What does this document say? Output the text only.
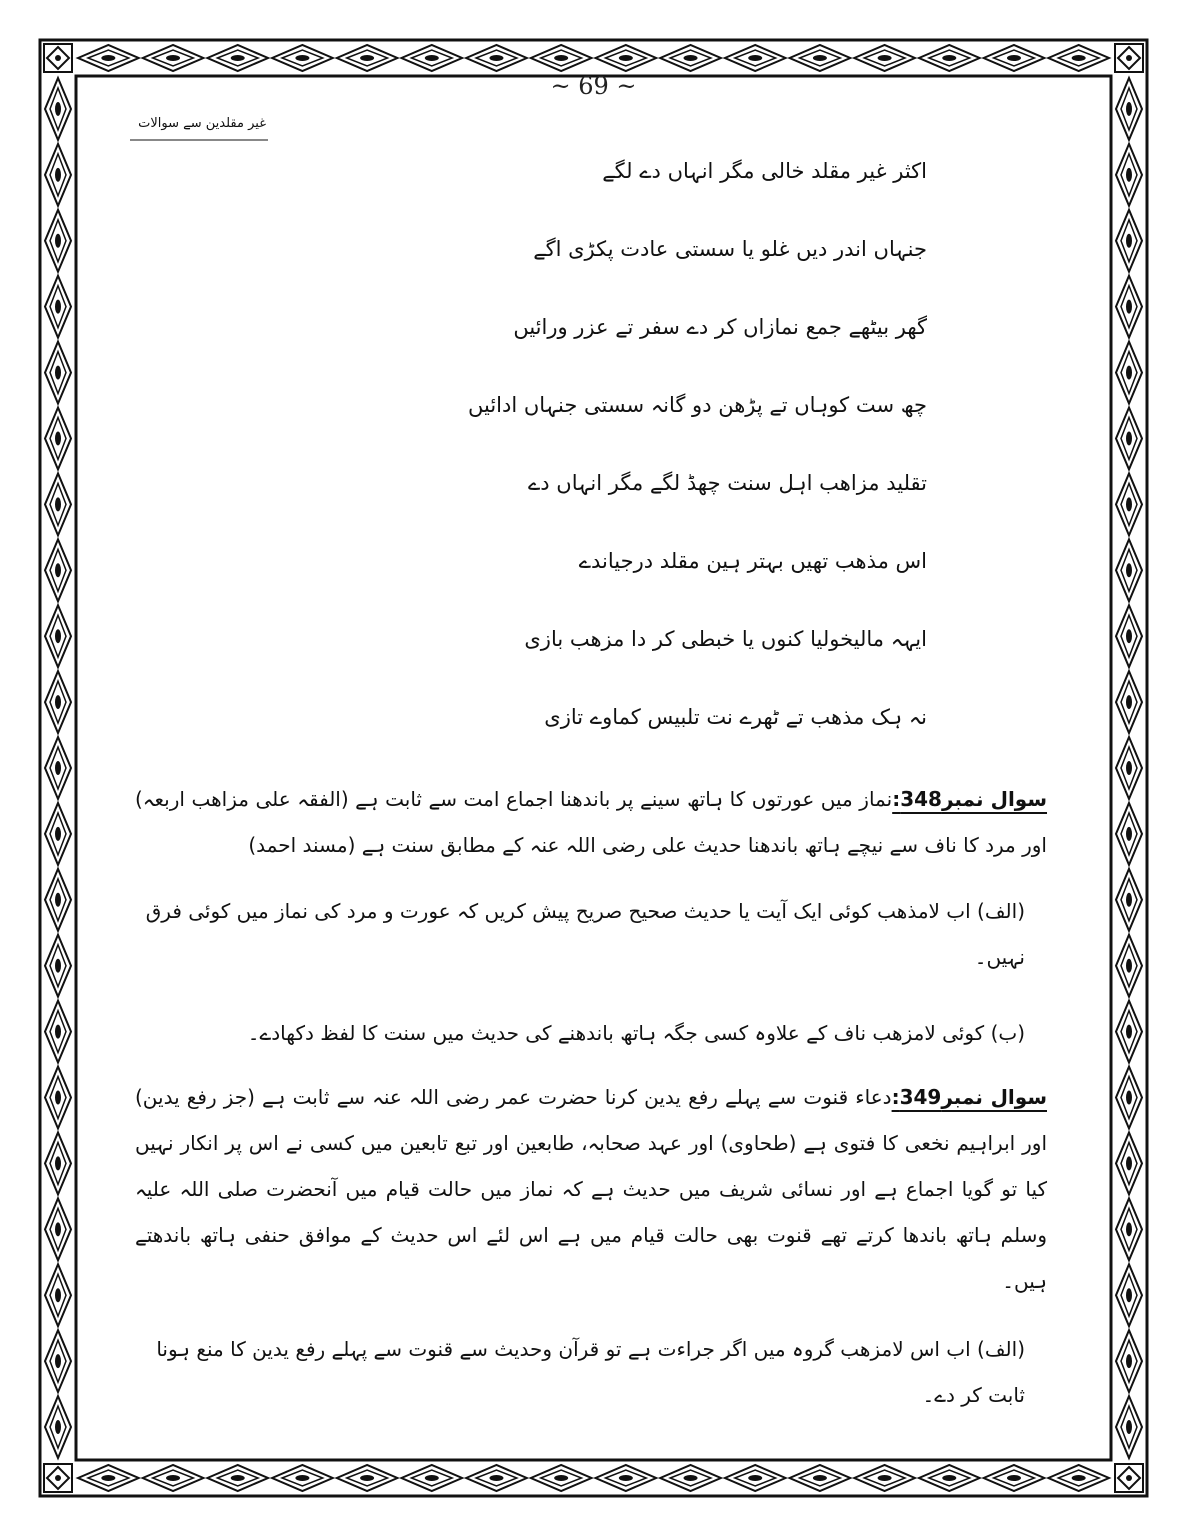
~ 69 ~
غیر مقلدین سے سوالات
اکثر غیر مقلد خالی مگر انہاں دے لگے
جنہاں اندر دیں غلو یا سستی عادت پکڑی اگے
گھر بیٹھے جمع نمازاں کر دے سفر تے عزر ورائیں
چھ ست کوہاں تے پڑھن دو گانہ سستی جنہاں ادائیں
تقلید مزاھب اہل سنت چھڈ لگے مگر انہاں دے
اس مذھب تھیں بہتر ہین مقلد درجیاندے
ایہہ مالیخولیا کنوں یا خبطی کر دا مزھب بازی
نہ ہک مذھب تے ٹھرے نت تلبیس کماوے تازی

سوال نمبر348:نماز میں عورتوں کا ہاتھ سینے پر باندھنا اجماع امت سے ثابت ہے (الفقہ علی مزاھب اربعہ) اور مرد کا ناف سے نیچے ہاتھ باندھنا حدیث علی رضی اللہ عنہ کے مطابق سنت ہے (مسند احمد)

(الف) اب لامذھب کوئی ایک آیت یا حدیث صحیح صریح پیش کریں کہ عورت و مرد کی نماز میں کوئی فرق نہیں۔

(ب) کوئی لامزھب ناف کے علاوہ کسی جگہ ہاتھ باندھنے کی حدیث میں سنت کا لفظ دکھادے۔

سوال نمبر349:دعاء قنوت سے پہلے رفع یدین کرنا حضرت عمر رضی اللہ عنہ سے ثابت ہے (جز رفع یدین) اور ابراہیم نخعی کا فتوی ہے (طحاوی) اور عہد صحابہ، طابعین اور تبع تابعین میں کسی نے اس پر انکار نہیں کیا تو گویا اجماع ہے اور نسائی شریف میں حدیث ہے کہ نماز میں حالت قیام میں آنحضرت صلی اللہ علیہ وسلم ہاتھ باندھا کرتے تھے قنوت بھی حالت قیام میں ہے اس لئے اس حدیث کے موافق حنفی ہاتھ باندھتے ہیں۔

(الف) اب اس لامزھب گروہ میں اگر جراءت ہے تو قرآن وحدیث سے قنوت سے پہلے رفع یدین کا منع ہونا ثابت کر دے۔
